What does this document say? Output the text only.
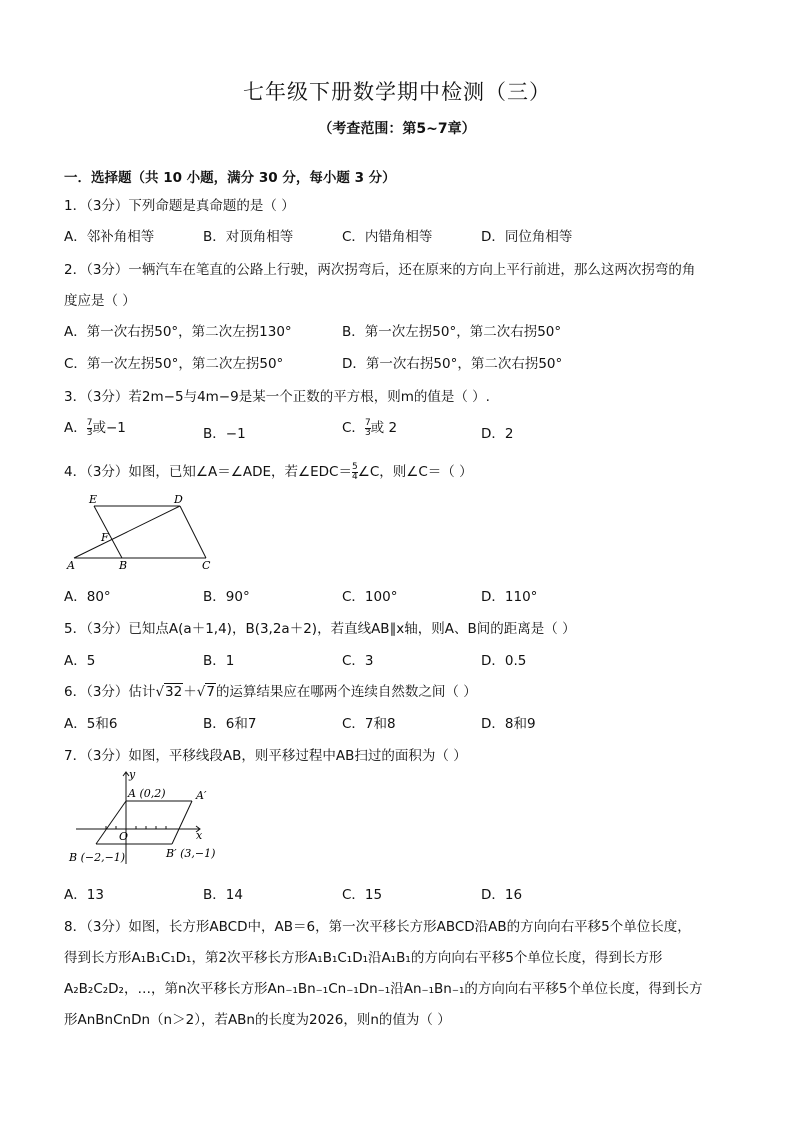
七年级下册数学期中检测（三）
（考查范围：第5~7章）
一．选择题（共 10 小题，满分 30 分，每小题 3 分）
1．（3分）下列命题是真命题的是（ ）
A．邻补角相等	B．对顶角相等	C．内错角相等	D．同位角相等
2．（3分）一辆汽车在笔直的公路上行驶，两次拐弯后，还在原来的方向上平行前进，那么这两次拐弯的角
度应是（ ）
A．第一次右拐50°，第二次左拐130°	B．第一次左拐50°，第二次右拐50°
C．第一次左拐50°，第二次左拐50°	D．第一次右拐50°，第二次右拐50°
3．（3分）若2m−5与4m−9是某一个正数的平方根，则m的值是（ ）.
A． $\frac{7}{3}$ 或−1	B．−1	C． $\frac{7}{3}$ 或 2	D．2
4．（3分）如图，已知∠A＝∠ADE，若∠EDC＝ $\frac{5}{4}$ ∠C，则∠C＝（ ）
E	D
F
A	B	C
A．80°	B．90°	C．100°	D．110°
5．（3分）已知点A(a＋1,4)，B(3,2a＋2)，若直线AB∥x轴，则A、B间的距离是（ ）
A．5	B．1	C．3	D．0.5
6．（3分）估计√32＋√7的运算结果应在哪两个连续自然数之间（ ）
A．5和6	B．6和7	C．7和8	D．8和9
7．（3分）如图，平移线段AB，则平移过程中AB扫过的面积为（ ）
y
A (0,2)	A′
O	x
B (−2,−1)	B′ (3,−1)
A．13	B．14	C．15	D．16
8．（3分）如图，长方形ABCD中，AB＝6，第一次平移长方形ABCD沿AB的方向向右平移5个单位长度，
得到长方形A₁B₁C₁D₁，第2次平移长方形A₁B₁C₁D₁沿A₁B₁的方向向右平移5个单位长度，得到长方形
A₂B₂C₂D₂，…，第n次平移长方形An₋₁Bn₋₁Cn₋₁Dn₋₁沿An₋₁Bn₋₁的方向向右平移5个单位长度，得到长方
形AnBnCnDn（n＞2），若ABn的长度为2026，则n的值为（ ）
